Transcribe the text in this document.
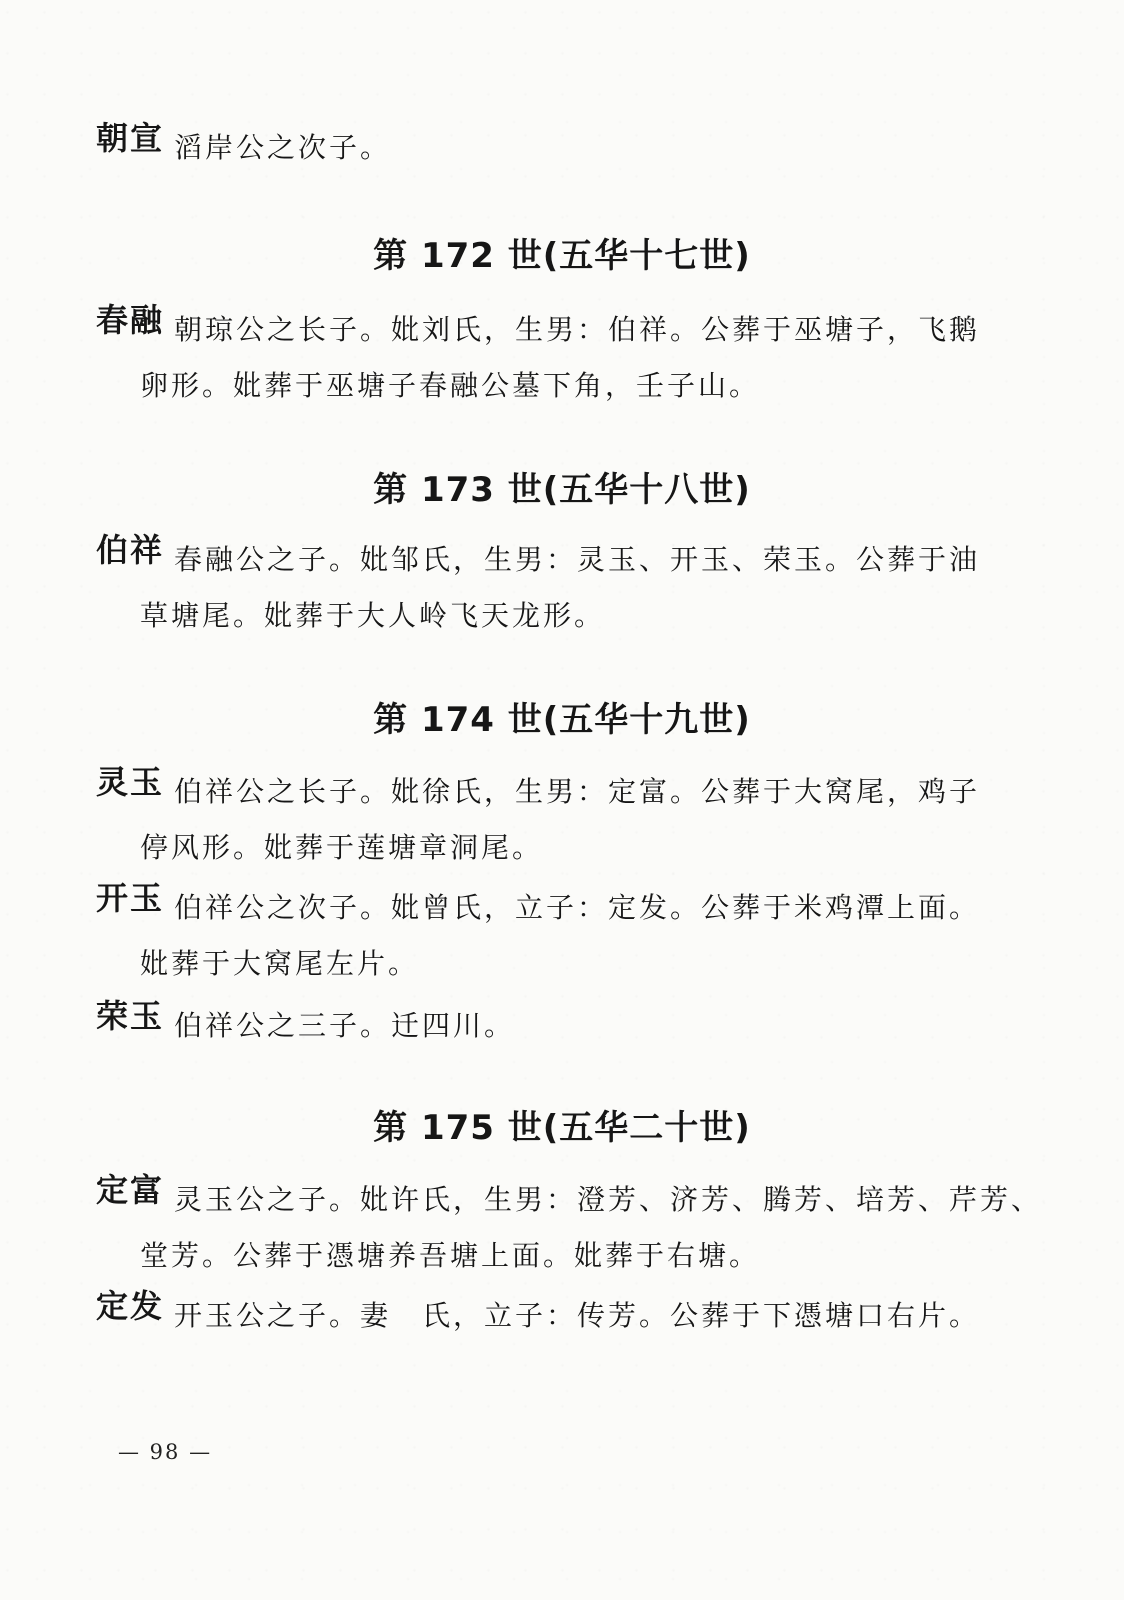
朝宣 滔岸公之次子。
第 172 世(五华十七世)
春融 朝琼公之长子。妣刘氏，生男：伯祥。公葬于巫塘子，飞鹅
卵形。妣葬于巫塘子春融公墓下角，壬子山。
第 173 世(五华十八世)
伯祥 春融公之子。妣邹氏，生男：灵玉、开玉、荣玉。公葬于油
草塘尾。妣葬于大人岭飞天龙形。
第 174 世(五华十九世)
灵玉 伯祥公之长子。妣徐氏，生男：定富。公葬于大窝尾，鸡子
停风形。妣葬于莲塘章洞尾。
开玉 伯祥公之次子。妣曾氏，立子：定发。公葬于米鸡潭上面。
妣葬于大窝尾左片。
荣玉 伯祥公之三子。迁四川。
第 175 世(五华二十世)
定富 灵玉公之子。妣许氏，生男：澄芳、济芳、腾芳、培芳、芹芳、
堂芳。公葬于憑塘养吾塘上面。妣葬于右塘。
定发 开玉公之子。妻　氏，立子：传芳。公葬于下憑塘口右片。
— 98 —
